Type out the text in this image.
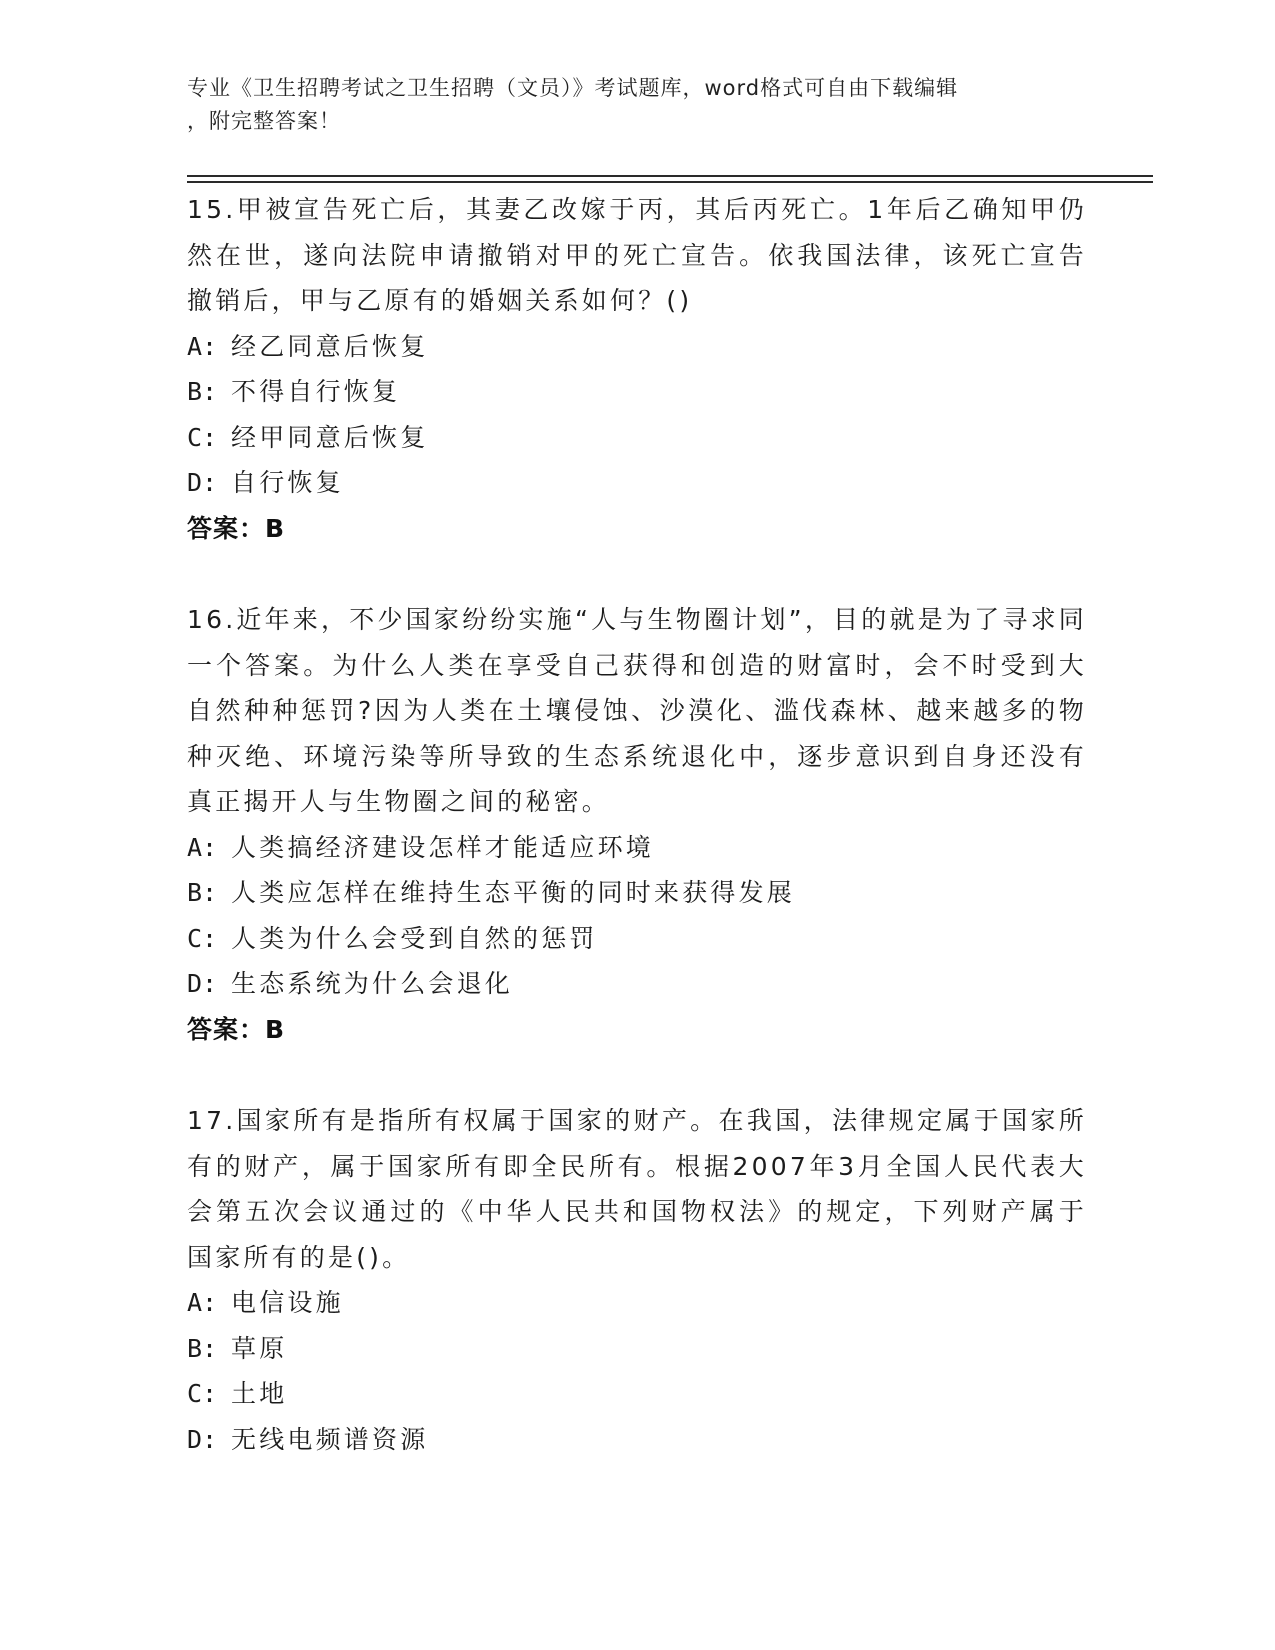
专业《卫生招聘考试之卫生招聘（文员）》考试题库，word格式可自由下载编辑

，附完整答案！

15.甲被宣告死亡后，其妻乙改嫁于丙，其后丙死亡。1年后乙确知甲仍然在世，遂向法院申请撤销对甲的死亡宣告。依我国法律，该死亡宣告撤销后，甲与乙原有的婚姻关系如何？()

A: 经乙同意后恢复

B: 不得自行恢复

C: 经甲同意后恢复

D: 自行恢复

答案：B

16.近年来，不少国家纷纷实施“人与生物圈计划”，目的就是为了寻求同一个答案。为什么人类在享受自己获得和创造的财富时，会不时受到大自然种种惩罚?因为人类在土壤侵蚀、沙漠化、滥伐森林、越来越多的物种灭绝、环境污染等所导致的生态系统退化中，逐步意识到自身还没有真正揭开人与生物圈之间的秘密。

A: 人类搞经济建设怎样才能适应环境

B: 人类应怎样在维持生态平衡的同时来获得发展

C: 人类为什么会受到自然的惩罚

D: 生态系统为什么会退化

答案：B

17.国家所有是指所有权属于国家的财产。在我国，法律规定属于国家所有的财产，属于国家所有即全民所有。根据2007年3月全国人民代表大会第五次会议通过的《中华人民共和国物权法》的规定，下列财产属于国家所有的是()。

A: 电信设施

B: 草原

C: 土地

D: 无线电频谱资源
